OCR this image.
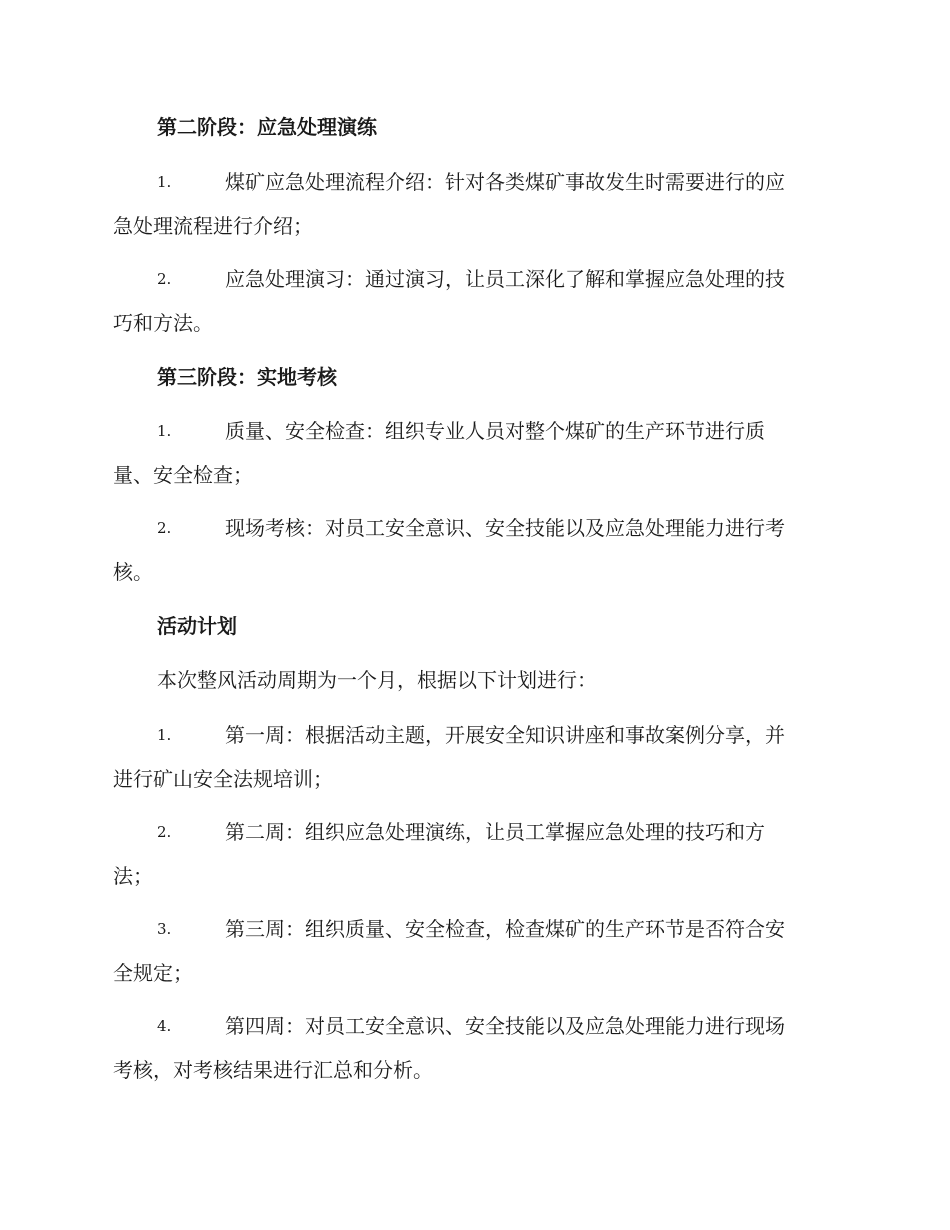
第二阶段：应急处理演练
1.	煤矿应急处理流程介绍：针对各类煤矿事故发生时需要进行的应
急处理流程进行介绍；
2.	应急处理演习：通过演习，让员工深化了解和掌握应急处理的技
巧和方法。
第三阶段：实地考核
1.	质量、安全检查：组织专业人员对整个煤矿的生产环节进行质
量、安全检查；
2.	现场考核：对员工安全意识、安全技能以及应急处理能力进行考
核。
活动计划
本次整风活动周期为一个月，根据以下计划进行：
1.	第一周：根据活动主题，开展安全知识讲座和事故案例分享，并
进行矿山安全法规培训；
2.	第二周：组织应急处理演练，让员工掌握应急处理的技巧和方
法；
3.	第三周：组织质量、安全检查，检查煤矿的生产环节是否符合安
全规定；
4.	第四周：对员工安全意识、安全技能以及应急处理能力进行现场
考核，对考核结果进行汇总和分析。
